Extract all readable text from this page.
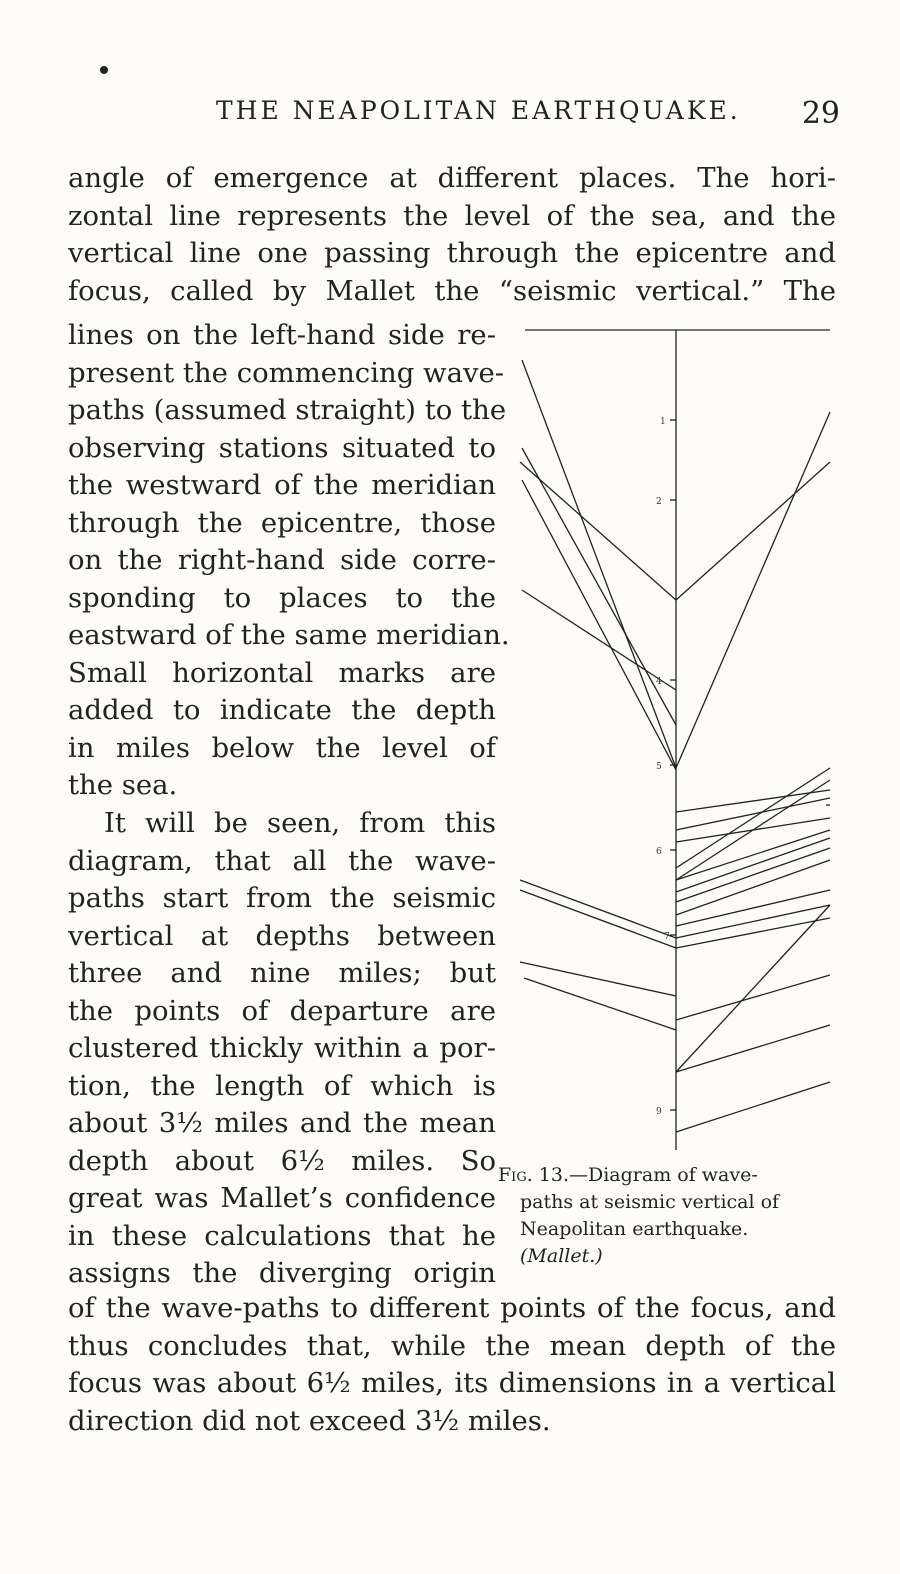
THE NEAPOLITAN EARTHQUAKE. 29
angle of emergence at different places. The hori-
zontal line represents the level of the sea, and the
vertical line one passing through the epicentre and
focus, called by Mallet the “seismic vertical.” The
lines on the left-hand side re-
present the commencing wave-
paths (assumed straight) to the
observing stations situated to
the westward of the meridian
through the epicentre, those
on the right-hand side corre-
sponding to places to the
eastward of the same meridian.
Small horizontal marks are
added to indicate the depth
in miles below the level of
the sea.
It will be seen, from this
diagram, that all the wave-
paths start from the seismic
vertical at depths between
three and nine miles; but
the points of departure are
clustered thickly within a por-
tion, the length of which is
about 3½ miles and the mean
depth about 6½ miles. So
great was Mallet’s confidence
in these calculations that he
assigns the diverging origin
of the wave-paths to different points of the focus, and
thus concludes that, while the mean depth of the
focus was about 6½ miles, its dimensions in a vertical
direction did not exceed 3½ miles.
1
2
4
5
6
7
9
Fig. 13.—Diagram of wave-
paths at seismic vertical of
Neapolitan earthquake.
(Mallet.)
